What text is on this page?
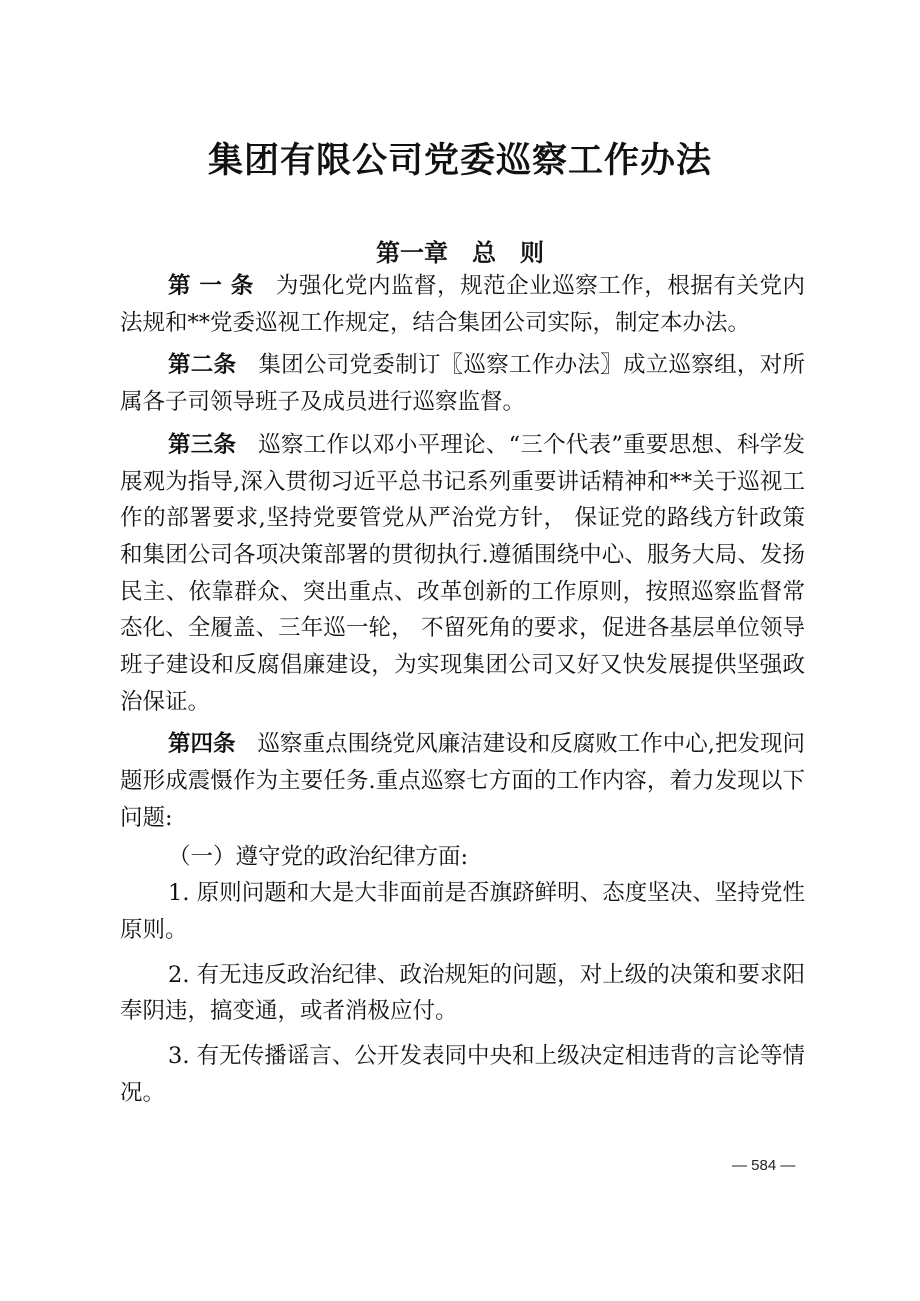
集团有限公司党委巡察工作办法
第一章　总　则

第 一 条 为强化党内监督，规范企业巡察工作，根据有关党内法规和**党委巡视工作规定，结合集团公司实际，制定本办法。

第二条 集团公司党委制订〖巡察工作办法〗成立巡察组，对所属各子司领导班子及成员进行巡察监督。

第三条 巡察工作以邓小平理论、“三个代表”重要思想、科学发展观为指导,深入贯彻习近平总书记系列重要讲话精神和**关于巡视工作的部署要求,坚持党要管党从严治党方针， 保证党的路线方针政策和集团公司各项决策部署的贯彻执行.遵循围绕中心、服务大局、发扬民主、依靠群众、突出重点、改革创新的工作原则，按照巡察监督常态化、全履盖、三年巡一轮， 不留死角的要求，促进各基层单位领导班子建设和反腐倡廉建设，为实现集团公司又好又快发展提供坚强政治保证。

第四条 巡察重点围绕党风廉洁建设和反腐败工作中心,把发现问题形成震慑作为主要任务.重点巡察七方面的工作内容，着力发现以下问题:

（一）遵守党的政治纪律方面:

1. 原则问题和大是大非面前是否旗跻鲜明、态度坚决、坚持党性原则。

2. 有无违反政治纪律、政治规矩的问题，对上级的决策和要求阳奉阴违，搞变通，或者消极应付。

3. 有无传播谣言、公开发表同中央和上级决定相违背的言论等情况。

— 584 —
